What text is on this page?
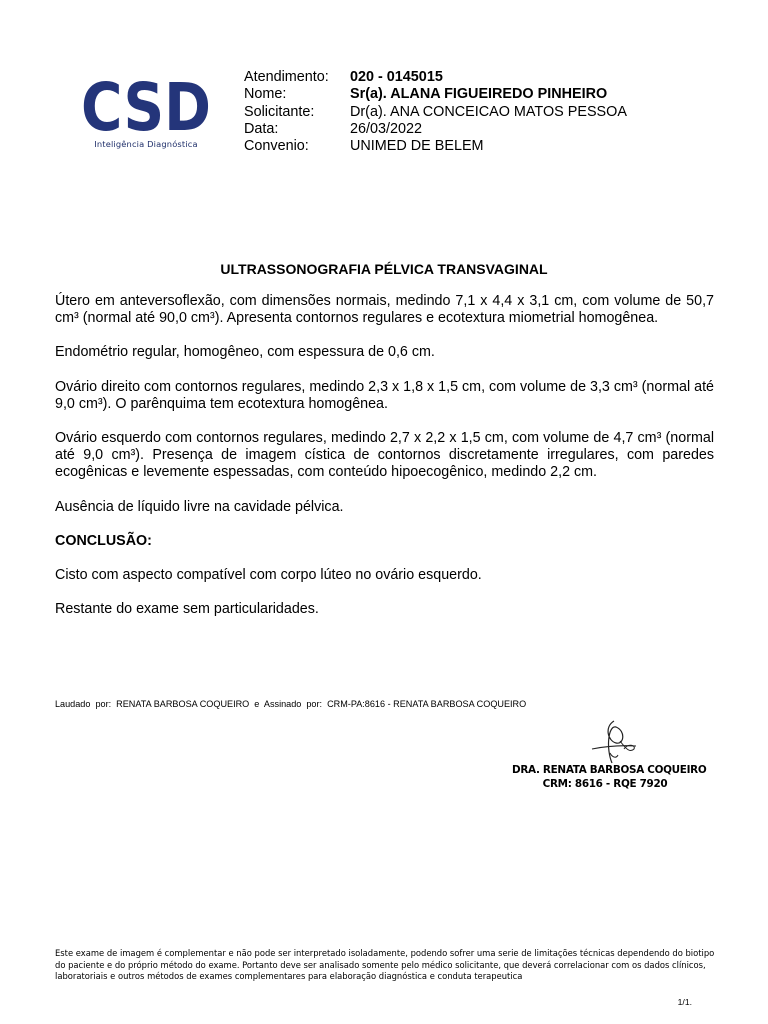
CSD
Inteligência Diagnóstica
Atendimento:	020 - 0145015
Nome:	Sr(a). ALANA FIGUEIREDO PINHEIRO
Solicitante:	Dr(a). ANA CONCEICAO MATOS PESSOA
Data:	26/03/2022
Convenio:	UNIMED DE BELEM
ULTRASSONOGRAFIA PÉLVICA TRANSVAGINAL

Útero em anteversoflexão, com dimensões normais, medindo 7,1 x 4,4 x 3,1 cm, com volume de 50,7 cm³ (normal até 90,0 cm³). Apresenta contornos regulares e ecotextura miometrial homogênea.

Endométrio regular, homogêneo, com espessura de 0,6 cm.

Ovário direito com contornos regulares, medindo 2,3 x 1,8 x 1,5 cm, com volume de 3,3 cm³ (normal até 9,0 cm³). O parênquima tem ecotextura homogênea.

Ovário esquerdo com contornos regulares, medindo 2,7 x 2,2 x 1,5 cm, com volume de 4,7 cm³ (normal até 9,0 cm³). Presença de imagem cística de contornos discretamente irregulares, com paredes ecogênicas e levemente espessadas, com conteúdo hipoecogênico, medindo 2,2 cm.

Ausência de líquido livre na cavidade pélvica.

CONCLUSÃO:

Cisto com aspecto compatível com corpo lúteo no ovário esquerdo.

Restante do exame sem particularidades.

Laudado  por:  RENATA BARBOSA COQUEIRO  e  Assinado  por:  CRM-PA:8616 - RENATA BARBOSA COQUEIRO
DRA. RENATA BARBOSA COQUEIRO
CRM: 8616 - RQE 7920
Este exame de imagem é complementar e não pode ser interpretado isoladamente, podendo sofrer uma serie de limitações técnicas dependendo do biotipo do paciente e do próprio método do exame. Portanto deve ser analisado somente pelo médico solicitante, que deverá correlacionar com os dados clínicos, laboratoriais e outros métodos de exames complementares para elaboração diagnóstica e conduta terapeutica
1/1.
